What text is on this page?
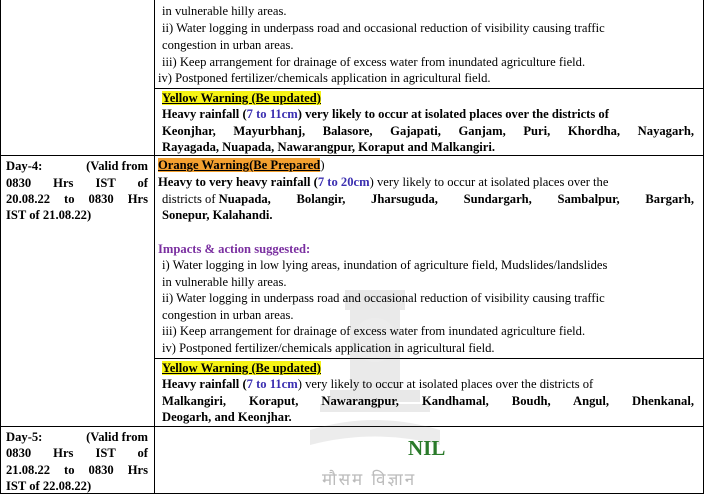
मौसम विज्ञान
in vulnerable hilly areas.
ii) Water logging in underpass road and occasional reduction of visibility causing traffic
congestion in urban areas.
iii) Keep arrangement for drainage of excess water from inundated agriculture field.
iv) Postponed fertilizer/chemicals application in agricultural field.
Yellow Warning (Be updated)
Heavy rainfall (7 to 11cm) very likely to occur at isolated places over the districts of
Keonjhar, Mayurbhanj, Balasore, Gajapati, Ganjam, Puri, Khordha, Nayagarh,
Rayagada, Nuapada, Nawarangpur, Koraput and Malkangiri.
Day-4:	(Valid from
0830 Hrs IST of
20.08.22 to 0830 Hrs
IST of 21.08.22)
Orange Warning(Be Prepared)
Heavy to very heavy rainfall (7 to 20cm) very likely to occur at isolated places over the
districts of Nuapada, Bolangir, Jharsuguda, Sundargarh, Sambalpur, Bargarh,
Sonepur, Kalahandi.
Impacts & action suggested:
i) Water logging in low lying areas, inundation of agriculture field, Mudslides/landslides
in vulnerable hilly areas.
ii) Water logging in underpass road and occasional reduction of visibility causing traffic
congestion in urban areas.
iii) Keep arrangement for drainage of excess water from inundated agriculture field.
iv) Postponed fertilizer/chemicals application in agricultural field.
Yellow Warning (Be updated)
Heavy rainfall (7 to 11cm) very likely to occur at isolated places over the districts of
Malkangiri, Koraput, Nawarangpur, Kandhamal, Boudh, Angul, Dhenkanal,
Deogarh, and Keonjhar.
Day-5:	(Valid from
0830 Hrs IST of
21.08.22 to 0830 Hrs
IST of 22.08.22)
NIL
